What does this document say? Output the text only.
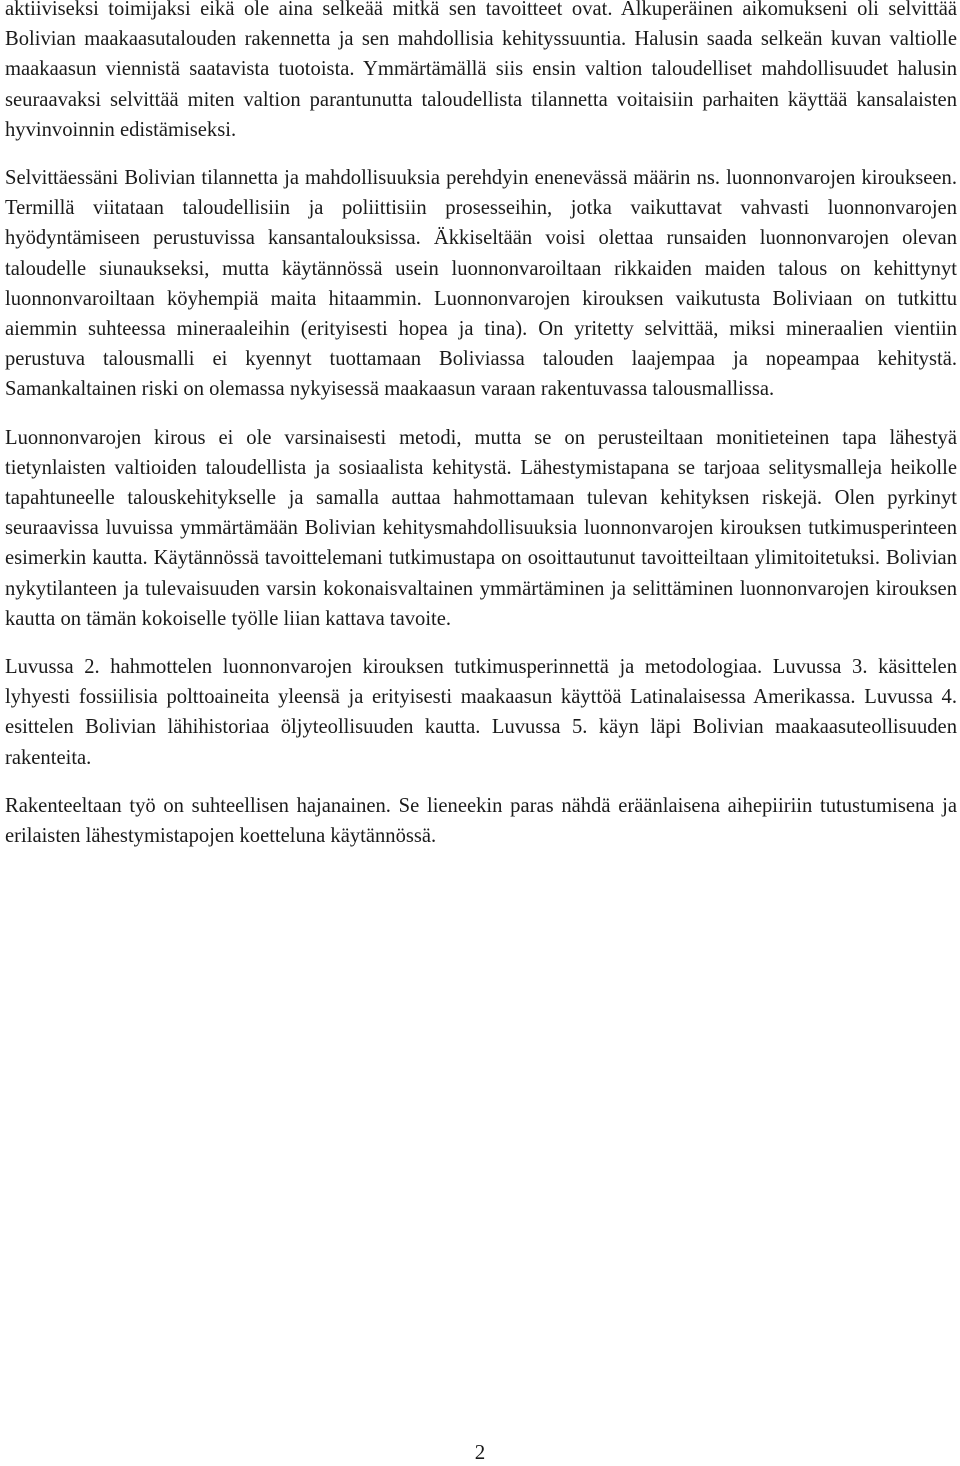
aktiiviseksi toimijaksi eikä ole aina selkeää mitkä sen tavoitteet ovat. Alkuperäinen aikomukseni oli selvittää Bolivian maakaasutalouden rakennetta ja sen mahdollisia kehityssuuntia. Halusin saada selkeän kuvan valtiolle maakaasun viennistä saatavista tuotoista. Ymmärtämällä siis ensin valtion taloudelliset mahdollisuudet halusin seuraavaksi selvittää miten valtion parantunutta taloudellista tilannetta voitaisiin parhaiten käyttää kansalaisten hyvinvoinnin edistämiseksi.

Selvittäessäni Bolivian tilannetta ja mahdollisuuksia perehdyin enenevässä määrin ns. luonnonvarojen kiroukseen. Termillä viitataan taloudellisiin ja poliittisiin prosesseihin, jotka vaikuttavat vahvasti luonnonvarojen hyödyntämiseen perustuvissa kansantalouksissa. Äkkiseltään voisi olettaa runsaiden luonnonvarojen olevan taloudelle siunaukseksi, mutta käytännössä usein luonnonvaroiltaan rikkaiden maiden talous on kehittynyt luonnonvaroiltaan köyhempiä maita hitaammin. Luonnonvarojen kirouksen vaikutusta Boliviaan on tutkittu aiemmin suhteessa mineraaleihin (erityisesti hopea ja tina). On yritetty selvittää, miksi mineraalien vientiin perustuva talousmalli ei kyennyt tuottamaan Boliviassa talouden laajempaa ja nopeampaa kehitystä. Samankaltainen riski on olemassa nykyisessä maakaasun varaan rakentuvassa talousmallissa.

Luonnonvarojen kirous ei ole varsinaisesti metodi, mutta se on perusteiltaan monitieteinen tapa lähestyä tietynlaisten valtioiden taloudellista ja sosiaalista kehitystä. Lähestymistapana se tarjoaa selitysmalleja heikolle tapahtuneelle talouskehitykselle ja samalla auttaa hahmottamaan tulevan kehityksen riskejä. Olen pyrkinyt seuraavissa luvuissa ymmärtämään Bolivian kehitysmahdollisuuksia luonnonvarojen kirouksen tutkimusperinteen esimerkin kautta. Käytännössä tavoittelemani tutkimustapa on osoittautunut tavoitteiltaan ylimitoitetuksi. Bolivian nykytilanteen ja tulevaisuuden varsin kokonaisvaltainen ymmärtäminen ja selittäminen luonnonvarojen kirouksen kautta on tämän kokoiselle työlle liian kattava tavoite.

Luvussa 2. hahmottelen luonnonvarojen kirouksen tutkimusperinnettä ja metodologiaa. Luvussa 3. käsittelen lyhyesti fossiilisia polttoaineita yleensä ja erityisesti maakaasun käyttöä Latinalaisessa Amerikassa. Luvussa 4. esittelen Bolivian lähihistoriaa öljyteollisuuden kautta. Luvussa 5. käyn läpi Bolivian maakaasuteollisuuden rakenteita.

Rakenteeltaan työ on suhteellisen hajanainen. Se lieneekin paras nähdä eräänlaisena aihepiiriin tutustumisena ja erilaisten lähestymistapojen koetteluna käytännössä.

2
